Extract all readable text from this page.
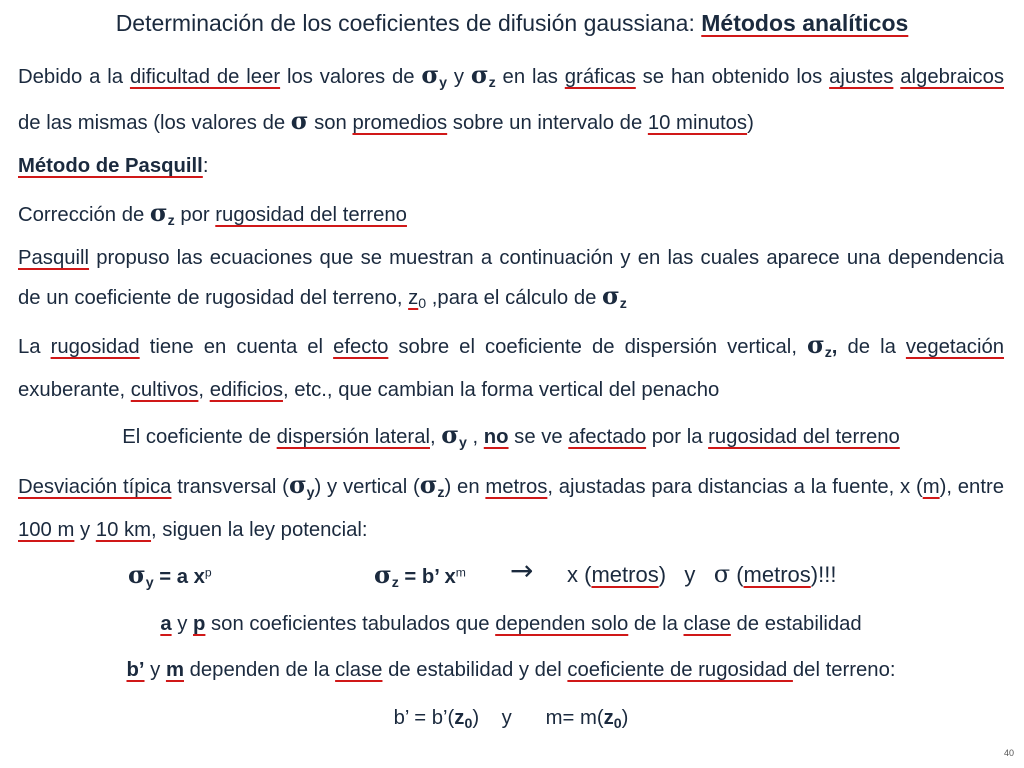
Determinación de los coeficientes de difusión gaussiana: Métodos analíticos
Debido a la dificultad de leer los valores de $\sigma_y$ y $\sigma_z$ en las gráficas se han obtenido los ajustes algebraicos de las mismas (los valores de σ son promedios sobre un intervalo de 10 minutos)
Método de Pasquill:
Corrección de $\sigma_z$ por rugosidad del terreno
Pasquill propuso las ecuaciones que se muestran a continuación y en las cuales aparece una dependencia de un coeficiente de rugosidad del terreno, $z_0$ ,para el cálculo de $\sigma_z$
La rugosidad tiene en cuenta el efecto sobre el coeficiente de dispersión vertical, $\sigma_z$, de la vegetación exuberante, cultivos, edificios, etc., que cambian la forma vertical del penacho
El coeficiente de dispersión lateral, $\sigma_y$ , no se ve afectado por la rugosidad del terreno
Desviación típica transversal $(\sigma_y)$ y vertical $(\sigma_z)$ en metros, ajustadas para distancias a la fuente, x (m), entre 100 m y 10 km, siguen la ley potencial:
$\sigma_y = a$ $x^p$	$\sigma_z = b$’ $x^m \to x$ (metros)   y   σ (metros)!!!
a y p son coeficientes tabulados que dependen solo de la clase de estabilidad
b’ y m dependen de la clase de estabilidad y del coeficiente de rugosidad del terreno:
b’ = $b’(z_0)$    y      $m= m(z_0)$
40
